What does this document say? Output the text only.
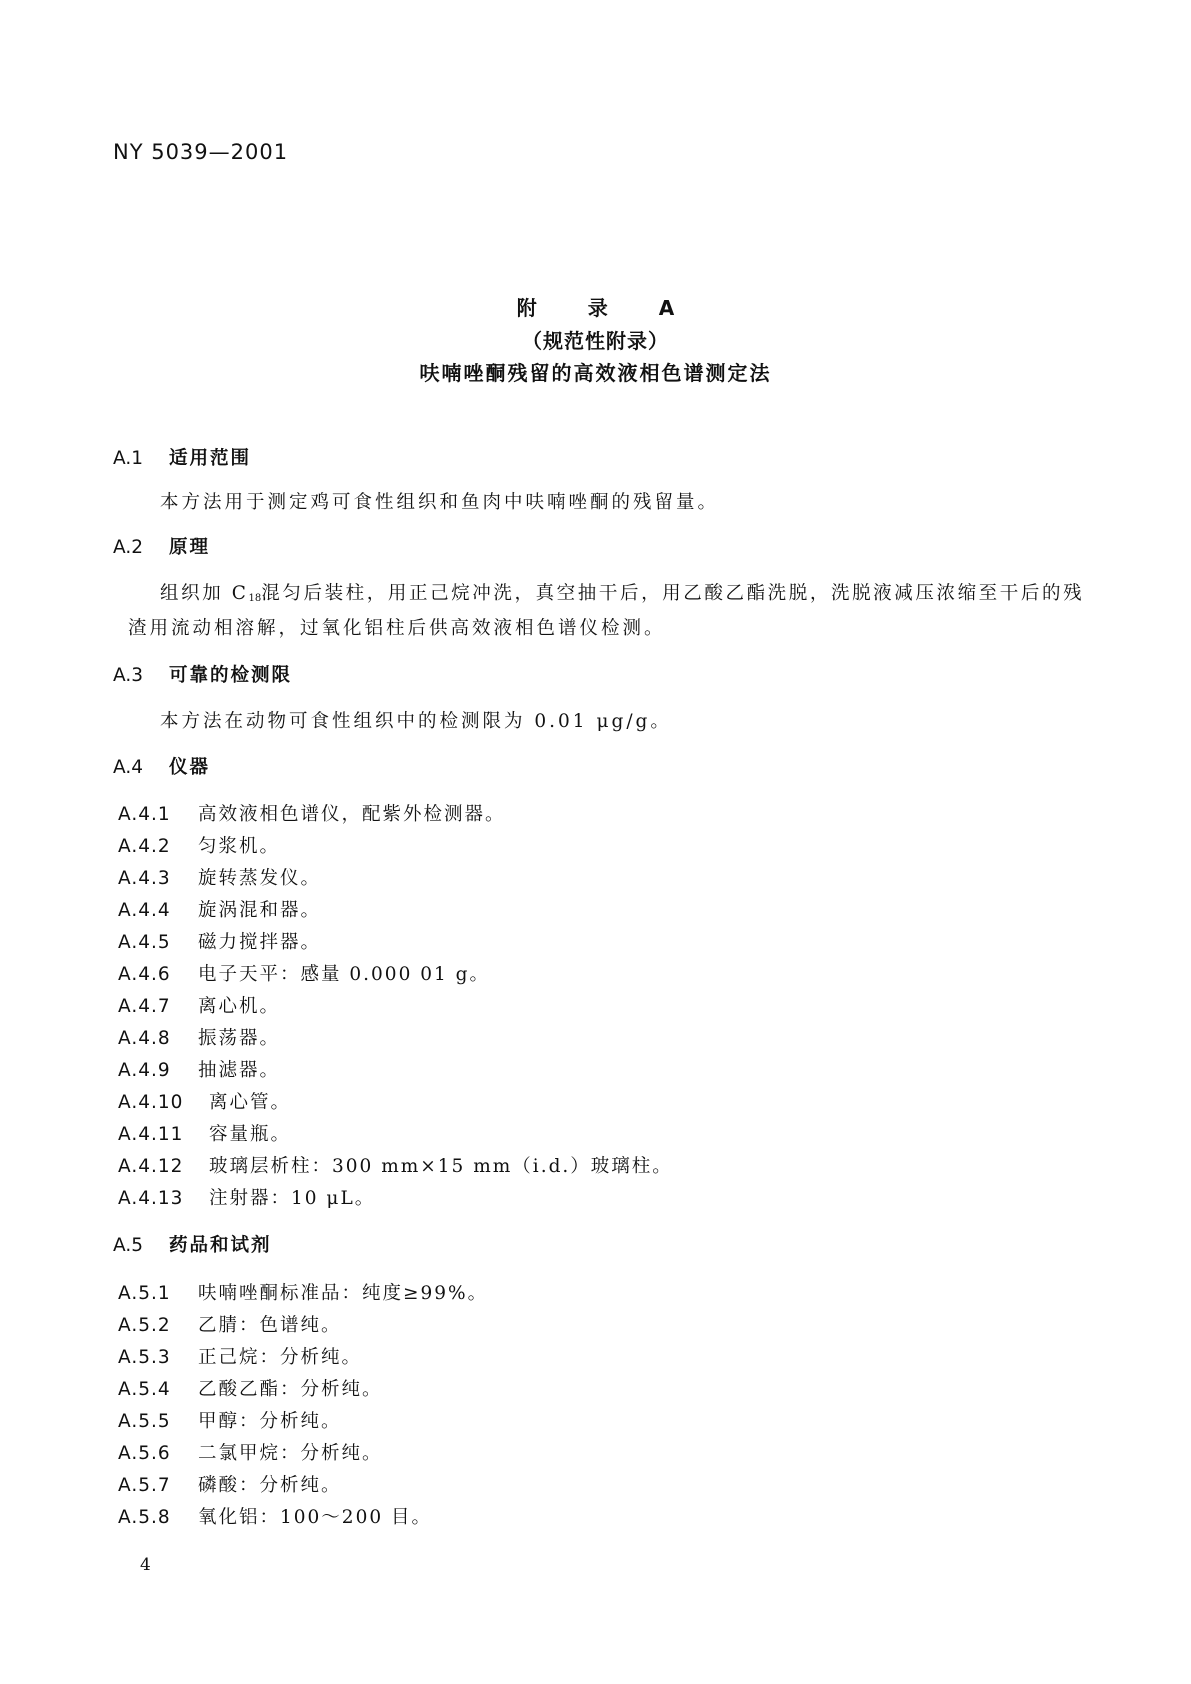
NY 5039—2001
附 录 A
（规范性附录）
呋喃唑酮残留的高效液相色谱测定法
A.1 适用范围
本方法用于测定鸡可食性组织和鱼肉中呋喃唑酮的残留量。
A.2 原理
组织加 $C_{18}$混匀后装柱，用正己烷冲洗，真空抽干后，用乙酸乙酯洗脱，洗脱液减压浓缩至干后的残
渣用流动相溶解，过氧化铝柱后供高效液相色谱仪检测。
A.3 可靠的检测限
本方法在动物可食性组织中的检测限为 0.01 μg/g。
A.4 仪器
A.4.1 高效液相色谱仪，配紫外检测器。
A.4.2 匀浆机。
A.4.3 旋转蒸发仪。
A.4.4 旋涡混和器。
A.4.5 磁力搅拌器。
A.4.6 电子天平：感量 0.000 01 g。
A.4.7 离心机。
A.4.8 振荡器。
A.4.9 抽滤器。
A.4.10 离心管。
A.4.11 容量瓶。
A.4.12 玻璃层析柱：300 mm×15 mm（i.d.）玻璃柱。
A.4.13 注射器：10 μL。
A.5 药品和试剂
A.5.1 呋喃唑酮标准品：纯度≥99%。
A.5.2 乙腈：色谱纯。
A.5.3 正己烷：分析纯。
A.5.4 乙酸乙酯：分析纯。
A.5.5 甲醇：分析纯。
A.5.6 二氯甲烷：分析纯。
A.5.7 磷酸：分析纯。
A.5.8 氧化铝：100～200 目。
4
